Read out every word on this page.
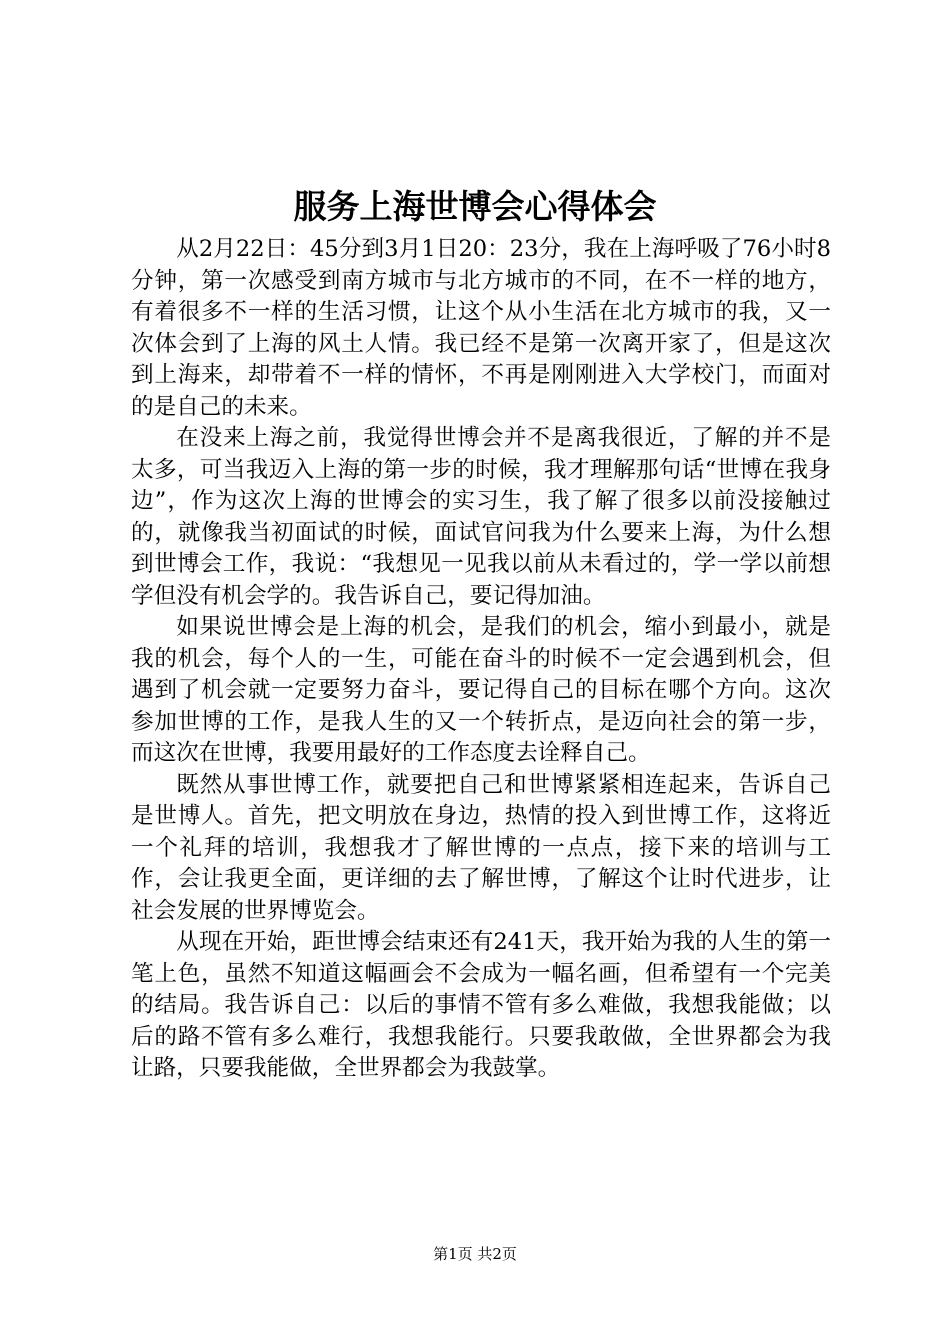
服务上海世博会心得体会

从2月22日：45分到3月1日20：23分，我在上海呼吸了76小时8分钟，第一次感受到南方城市与北方城市的不同，在不一样的地方，有着很多不一样的生活习惯，让这个从小生活在北方城市的我，又一次体会到了上海的风土人情。我已经不是第一次离开家了，但是这次到上海来，却带着不一样的情怀，不再是刚刚进入大学校门，而面对的是自己的未来。

在没来上海之前，我觉得世博会并不是离我很近，了解的并不是太多，可当我迈入上海的第一步的时候，我才理解那句话“世博在我身边”，作为这次上海的世博会的实习生，我了解了很多以前没接触过的，就像我当初面试的时候，面试官问我为什么要来上海，为什么想到世博会工作，我说：“我想见一见我以前从未看过的，学一学以前想学但没有机会学的。我告诉自己，要记得加油。

如果说世博会是上海的机会，是我们的机会，缩小到最小，就是我的机会，每个人的一生，可能在奋斗的时候不一定会遇到机会，但遇到了机会就一定要努力奋斗，要记得自己的目标在哪个方向。这次参加世博的工作，是我人生的又一个转折点，是迈向社会的第一步，而这次在世博，我要用最好的工作态度去诠释自己。

既然从事世博工作，就要把自己和世博紧紧相连起来，告诉自己是世博人。首先，把文明放在身边，热情的投入到世博工作，这将近一个礼拜的培训，我想我才了解世博的一点点，接下来的培训与工作，会让我更全面，更详细的去了解世博，了解这个让时代进步，让社会发展的世界博览会。

从现在开始，距世博会结束还有241天，我开始为我的人生的第一笔上色，虽然不知道这幅画会不会成为一幅名画，但希望有一个完美的结局。我告诉自己：以后的事情不管有多么难做，我想我能做；以后的路不管有多么难行，我想我能行。只要我敢做，全世界都会为我让路，只要我能做，全世界都会为我鼓掌。

第1页 共2页
